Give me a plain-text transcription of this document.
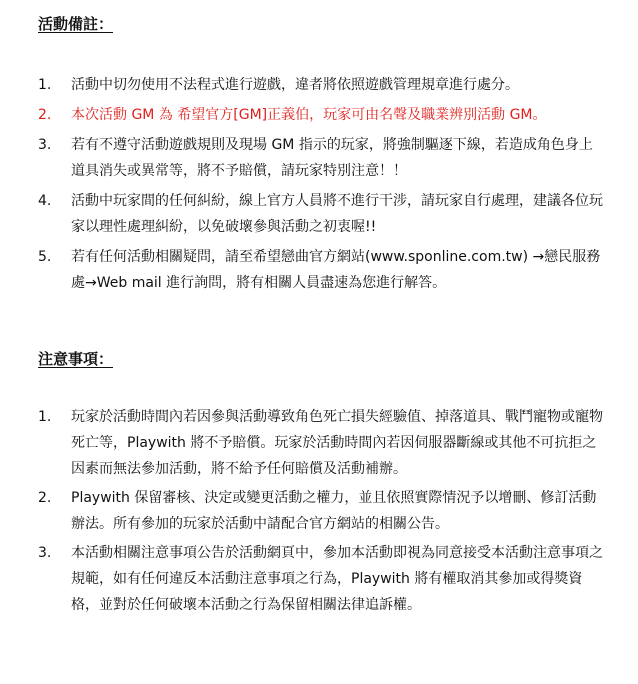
活動備註：
1.	活動中切勿使用不法程式進行遊戲，違者將依照遊戲管理規章進行處分。
2.	本次活動 GM 為 希望官方[GM]正義伯，玩家可由名聲及職業辨別活動 GM。
3.	若有不遵守活動遊戲規則及現場 GM 指示的玩家，將強制驅逐下線，若造成角色身上道具消失或異常等，將不予賠償，請玩家特別注意！！
4.	活動中玩家間的任何糾紛，線上官方人員將不進行干涉，請玩家自行處理，建議各位玩家以理性處理糾紛，以免破壞參與活動之初衷喔!!
5.	若有任何活動相關疑問，請至希望戀曲官方網站(www.sponline.com.tw) →戀民服務處→Web mail 進行詢問，將有相關人員盡速為您進行解答。
注意事項：
1.	玩家於活動時間內若因參與活動導致角色死亡損失經驗值、掉落道具、戰鬥寵物或寵物死亡等，Playwith 將不予賠償。玩家於活動時間內若因伺服器斷線或其他不可抗拒之因素而無法參加活動，將不給予任何賠償及活動補辦。
2.	Playwith 保留審核、決定或變更活動之權力，並且依照實際情況予以增刪、修訂活動辦法。所有參加的玩家於活動中請配合官方網站的相關公告。
3.	本活動相關注意事項公告於活動網頁中，參加本活動即視為同意接受本活動注意事項之規範，如有任何違反本活動注意事項之行為，Playwith 將有權取消其參加或得獎資格，並對於任何破壞本活動之行為保留相關法律追訴權。
